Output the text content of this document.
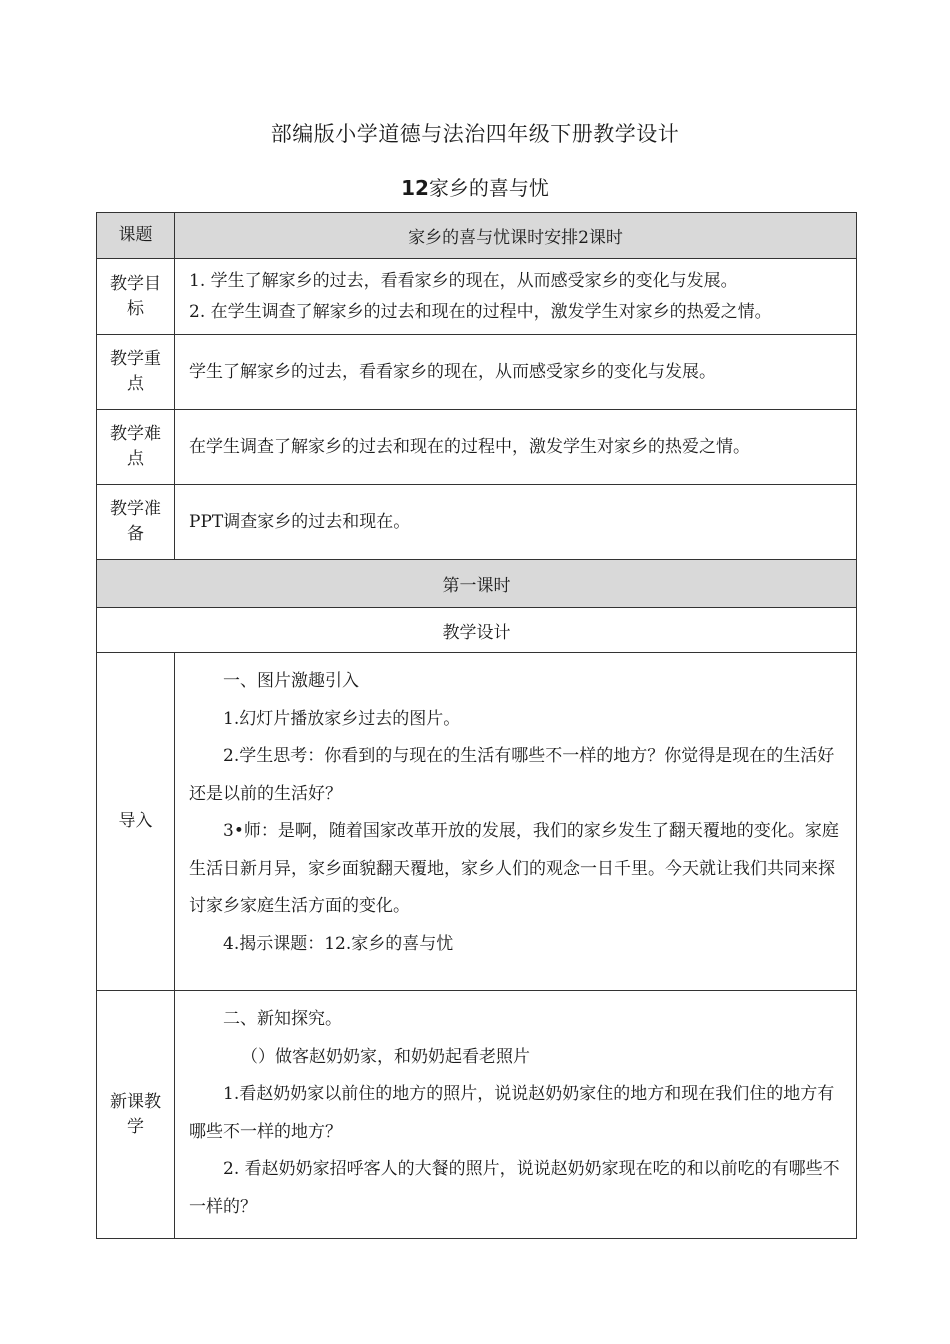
部编版小学道德与法治四年级下册教学设计
12家乡的喜与忧
课题	家乡的喜与忧课时安排2课时
教学目标	1. 学生了解家乡的过去，看看家乡的现在，从而感受家乡的变化与发展。
2. 在学生调查了解家乡的过去和现在的过程中，激发学生对家乡的热爱之情。

教学重点	学生了解家乡的过去，看看家乡的现在，从而感受家乡的变化与发展。
教学难点	在学生调查了解家乡的过去和现在的过程中，激发学生对家乡的热爱之情。
教学准备	PPT调查家乡的过去和现在。
第一课时	
教学设计	
导入	一、图片激趣引入

1.幻灯片播放家乡过去的图片。

2.学生思考：你看到的与现在的生活有哪些不一样的地方？你觉得是现在的生活好还是以前的生活好？

3•师：是啊，随着国家改革开放的发展，我们的家乡发生了翻天覆地的变化。家庭生活日新月异，家乡面貌翻天覆地，家乡人们的观念一日千里。今天就让我们共同来探讨家乡家庭生活方面的变化。

4.揭示课题：12.家乡的喜与忧

新课教学	二、新知探究。

（）做客赵奶奶家，和奶奶起看老照片

1.看赵奶奶家以前住的地方的照片，说说赵奶奶家住的地方和现在我们住的地方有哪些不一样的地方？

2. 看赵奶奶家招呼客人的大餐的照片，说说赵奶奶家现在吃的和以前吃的有哪些不一样的？
